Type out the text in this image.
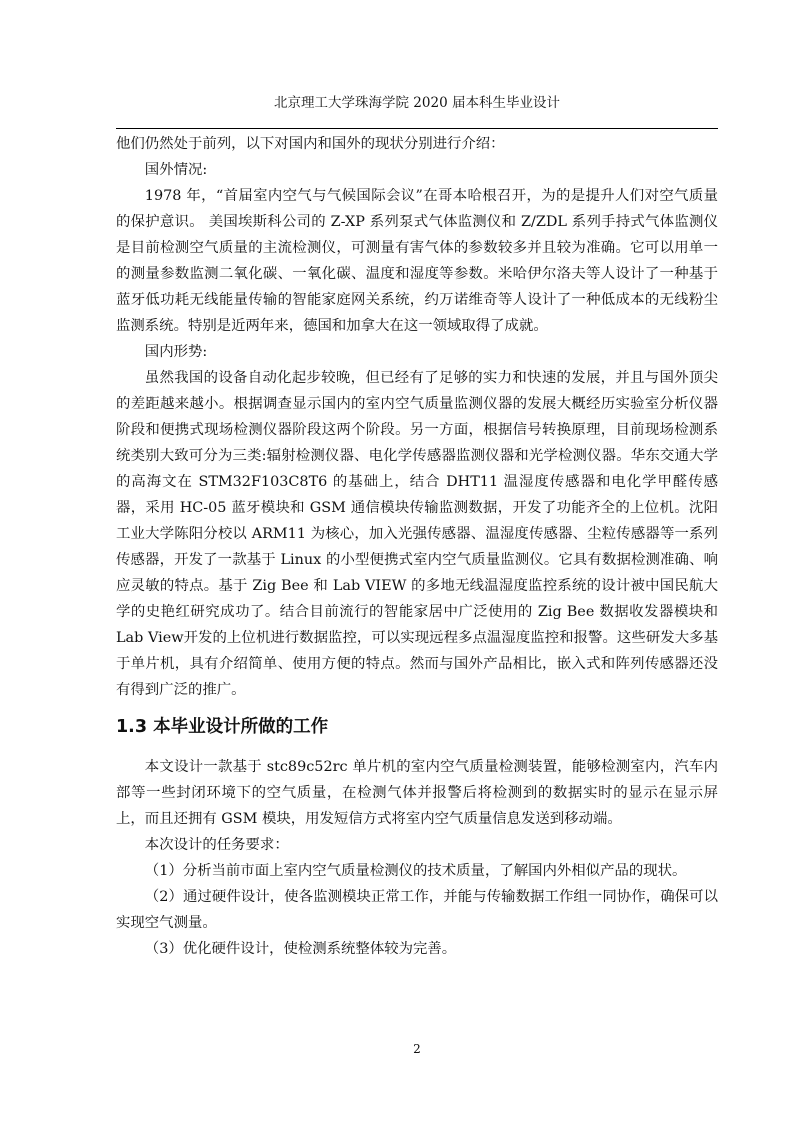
北京理工大学珠海学院 2020 届本科生毕业设计

他们仍然处于前列，以下对国内和国外的现状分别进行介绍：

国外情况:

1978 年，“首届室内空气与气候国际会议”在哥本哈根召开，为的是提升人们对空气质量的保护意识。 美国埃斯科公司的 Z-XP 系列泵式气体监测仪和 Z/ZDL 系列手持式气体监测仪是目前检测空气质量的主流检测仪，可测量有害气体的参数较多并且较为准确。它可以用单一的测量参数监测二氧化碳、一氧化碳、温度和湿度等参数。米哈伊尔洛夫等人设计了一种基于蓝牙低功耗无线能量传输的智能家庭网关系统，约万诺维奇等人设计了一种低成本的无线粉尘监测系统。特别是近两年来，德国和加拿大在这一领域取得了成就。

国内形势:

虽然我国的设备自动化起步较晚，但已经有了足够的实力和快速的发展，并且与国外顶尖的差距越来越小。根据调查显示国内的室内空气质量监测仪器的发展大概经历实验室分析仪器阶段和便携式现场检测仪器阶段这两个阶段。另一方面，根据信号转换原理，目前现场检测系统类别大致可分为三类:辐射检测仪器、电化学传感器监测仪器和光学检测仪器。华东交通大学的高海文在 STM32F103C8T6 的基础上，结合 DHT11 温湿度传感器和电化学甲醛传感器，采用 HC-05 蓝牙模块和 GSM 通信模块传输监测数据，开发了功能齐全的上位机。沈阳工业大学陈阳分校以 ARM11 为核心，加入光强传感器、温湿度传感器、尘粒传感器等一系列传感器，开发了一款基于 Linux 的小型便携式室内空气质量监测仪。它具有数据检测准确、响应灵敏的特点。基于 Zig Bee 和 Lab VIEW 的多地无线温湿度监控系统的设计被中国民航大学的史艳红研究成功了。结合目前流行的智能家居中广泛使用的 Zig Bee 数据收发器模块和Lab View开发的上位机进行数据监控，可以实现远程多点温湿度监控和报警。这些研发大多基于单片机，具有介绍简单、使用方便的特点。然而与国外产品相比，嵌入式和阵列传感器还没有得到广泛的推广。

1.3 本毕业设计所做的工作

本文设计一款基于 stc89c52rc 单片机的室内空气质量检测装置，能够检测室内，汽车内部等一些封闭环境下的空气质量，在检测气体并报警后将检测到的数据实时的显示在显示屏上，而且还拥有 GSM 模块，用发短信方式将室内空气质量信息发送到移动端。

本次设计的任务要求：

（1）分析当前市面上室内空气质量检测仪的技术质量，了解国内外相似产品的现状。

（2）通过硬件设计，使各监测模块正常工作，并能与传输数据工作组一同协作，确保可以实现空气测量。

（3）优化硬件设计，使检测系统整体较为完善。

2
